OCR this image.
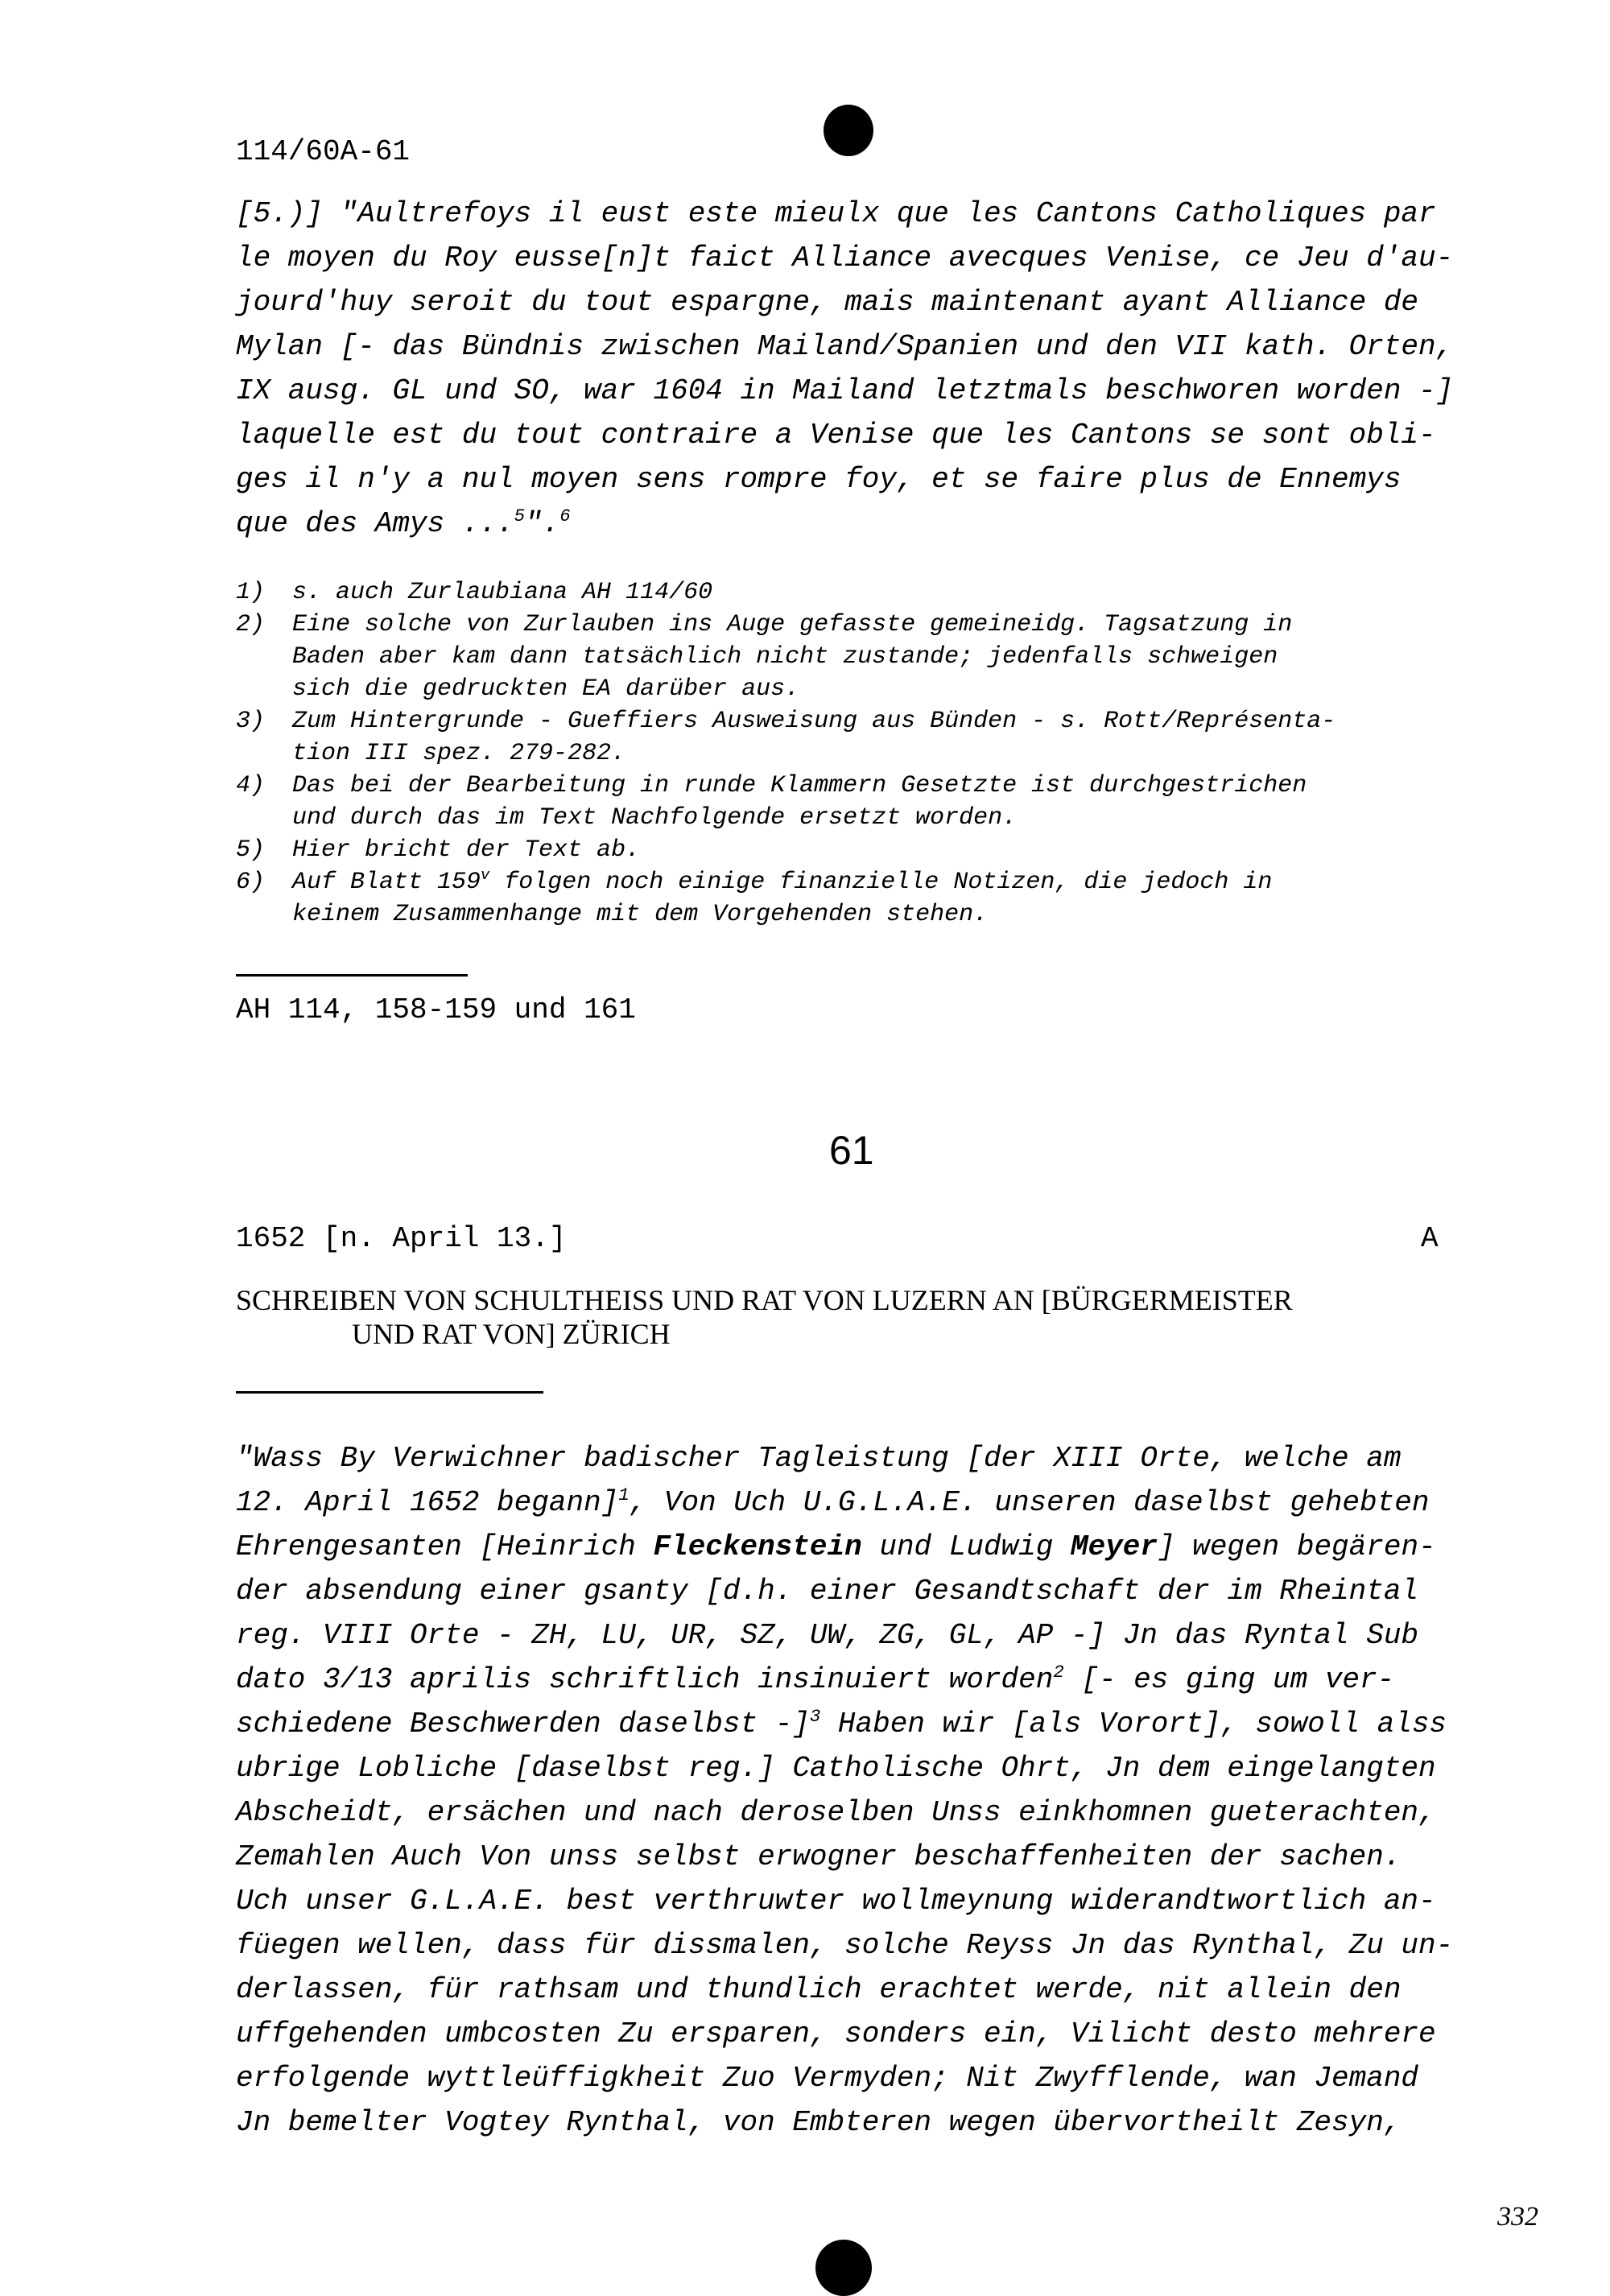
114/60A-61
[5.)] "Aultrefoys il eust este mieulx que les Cantons Catholiques par
le moyen du Roy eusse[n]t faict Alliance avecques Venise, ce Jeu d'au-
jourd'huy seroit du tout espargne, mais maintenant ayant Alliance de
Mylan [- das Bündnis zwischen Mailand/Spanien und den VII kath. Orten,
IX ausg. GL und SO, war 1604 in Mailand letztmals beschworen worden -]
laquelle est du tout contraire a Venise que les Cantons se sont obli-
ges il n'y a nul moyen sens rompre foy, et se faire plus de Ennemys
que des Amys ...$^5$".$^6$
1) s. auch Zurlaubiana AH 114/60
2) Eine solche von Zurlauben ins Auge gefasste gemeineidg. Tagsatzung in
Baden aber kam dann tatsächlich nicht zustande; jedenfalls schweigen
sich die gedruckten EA darüber aus.
3) Zum Hintergrunde - Gueffiers Ausweisung aus Bünden - s. Rott/Représenta-
tion III spez. 279-282.
4) Das bei der Bearbeitung in runde Klammern Gesetzte ist durchgestrichen
und durch das im Text Nachfolgende ersetzt worden.
5) Hier bricht der Text ab.
6) Auf Blatt 159$^v$ folgen noch einige finanzielle Notizen, die jedoch in
keinem Zusammenhange mit dem Vorgehenden stehen.
AH 114, 158-159 und 161
61
1652 [n. April 13.]	A
SCHREIBEN VON SCHULTHEISS UND RAT VON LUZERN AN [BÜRGERMEISTER
UND RAT VON] ZÜRICH
"Wass By Verwichner badischer Tagleistung [der XIII Orte, welche am
12. April 1652 begann]$^1$, Von Uch U.G.L.A.E. unseren daselbst gehebten
Ehrengesanten [Heinrich Fleckenstein und Ludwig Meyer] wegen begären-
der absendung einer gsanty [d.h. einer Gesandtschaft der im Rheintal
reg. VIII Orte - ZH, LU, UR, SZ, UW, ZG, GL, AP -] Jn das Ryntal Sub
dato 3/13 aprilis schriftlich insinuiert worden$^2$ [- es ging um ver-
schiedene Beschwerden daselbst -]$^3$ Haben wir [als Vorort], sowoll alss
ubrige Lobliche [daselbst reg.] Catholische Ohrt, Jn dem eingelangten
Abscheidt, ersächen und nach deroselben Unss einkhomnen gueterachten,
Zemahlen Auch Von unss selbst erwogner beschaffenheiten der sachen.
Uch unser G.L.A.E. best verthruwter wollmeynung widerandtwortlich an-
füegen wellen, dass für dissmalen, solche Reyss Jn das Rynthal, Zu un-
derlassen, für rathsam und thundlich erachtet werde, nit allein den
uffgehenden umbcosten Zu ersparen, sonders ein, Vilicht desto mehrere
erfolgende wyttleüffigkheit Zuo Vermyden; Nit Zwyfflende, wan Jemand
Jn bemelter Vogtey Rynthal, von Embteren wegen übervortheilt Zesyn,
332
